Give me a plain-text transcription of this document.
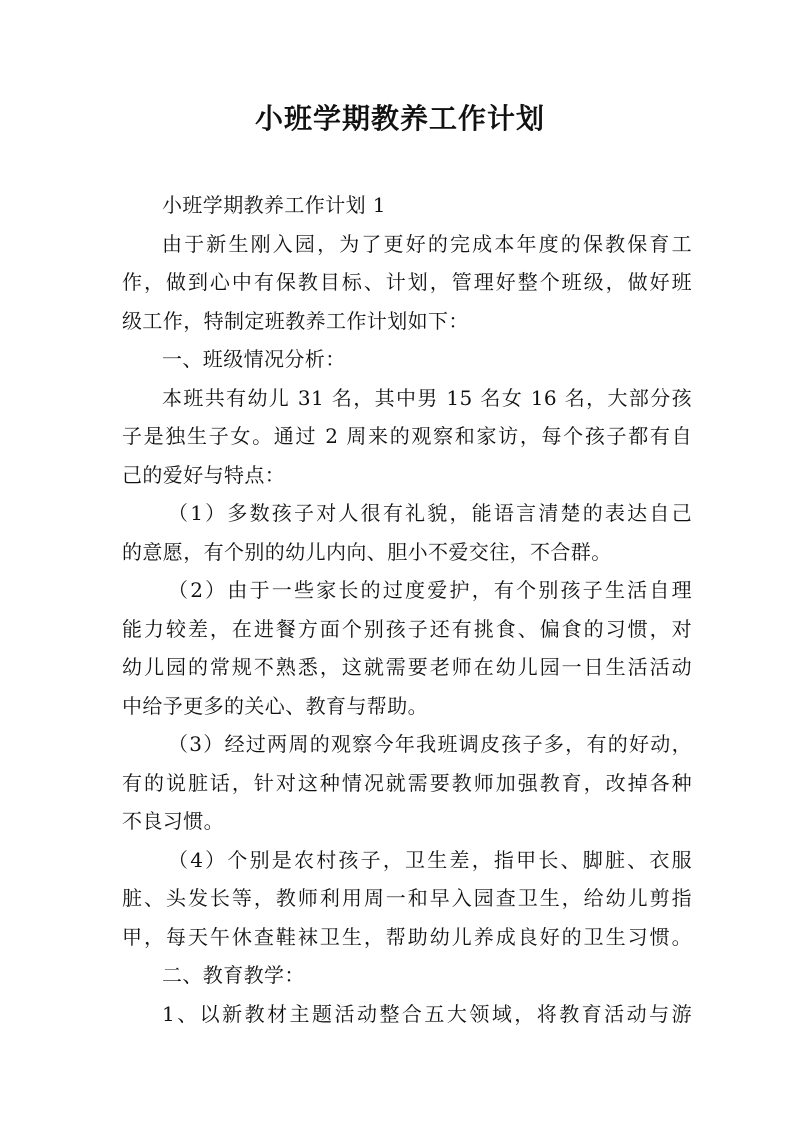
小班学期教养工作计划
小班学期教养工作计划 1
由于新生刚入园，为了更好的完成本年度的保教保育工
作，做到心中有保教目标、计划，管理好整个班级，做好班
级工作，特制定班教养工作计划如下：
一、班级情况分析：
本班共有幼儿 31 名，其中男 15 名女 16 名，大部分孩
子是独生子女。通过 2 周来的观察和家访，每个孩子都有自
己的爱好与特点：
（1）多数孩子对人很有礼貌，能语言清楚的表达自己
的意愿，有个别的幼儿内向、胆小不爱交往，不合群。
（2）由于一些家长的过度爱护，有个别孩子生活自理
能力较差，在进餐方面个别孩子还有挑食、偏食的习惯，对
幼儿园的常规不熟悉，这就需要老师在幼儿园一日生活活动
中给予更多的关心、教育与帮助。
（3）经过两周的观察今年我班调皮孩子多，有的好动，
有的说脏话，针对这种情况就需要教师加强教育，改掉各种
不良习惯。
（4）个别是农村孩子，卫生差，指甲长、脚脏、衣服
脏、头发长等，教师利用周一和早入园查卫生，给幼儿剪指
甲，每天午休查鞋袜卫生，帮助幼儿养成良好的卫生习惯。
二、教育教学：
1、以新教材主题活动整合五大领域，将教育活动与游
